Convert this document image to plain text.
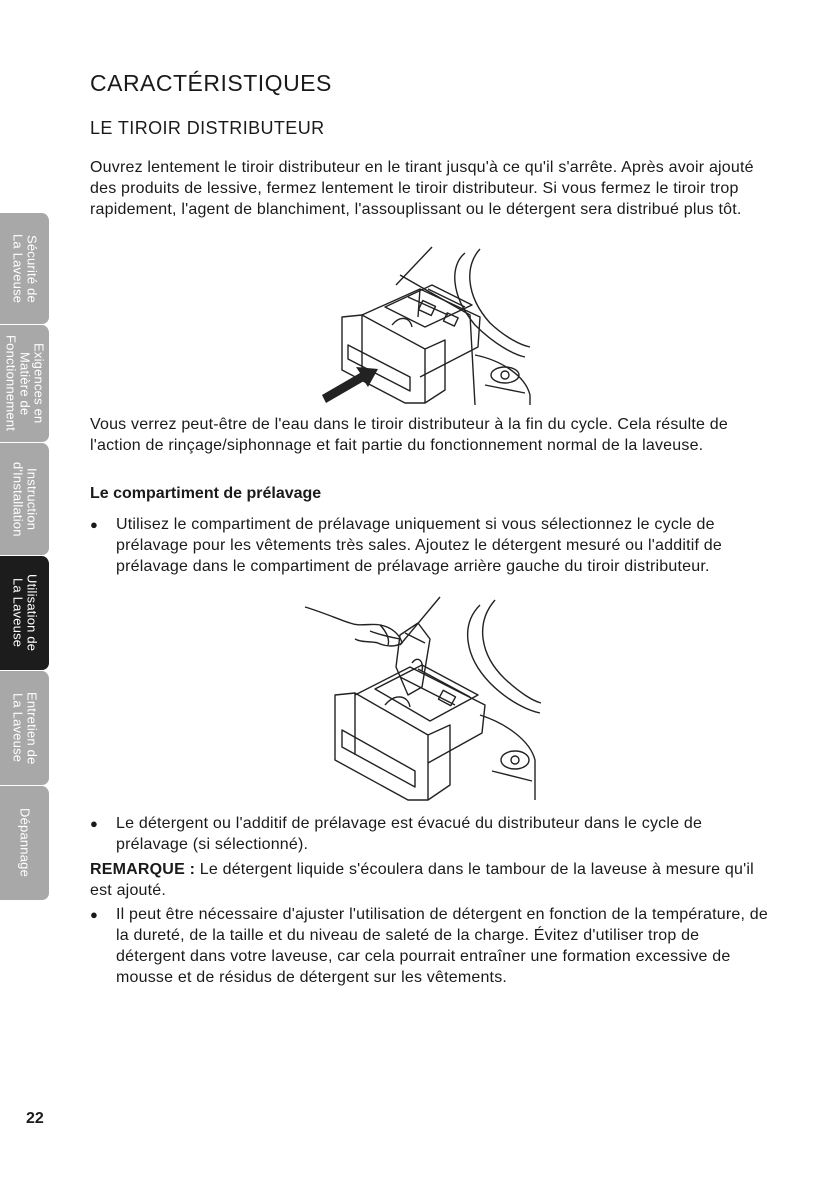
Sécurité de
La Laveuse
Exigences en
Matière de
Fonctionnement
Instruction
d'Installation
Utilisation de
La Laveuse
Entretien de
La Laveuse
Dépannage
CARACTÉRISTIQUES
LE TIROIR DISTRIBUTEUR

Ouvrez lentement le tiroir distributeur en le tirant jusqu'à ce qu'il s'arrête. Après avoir ajouté des produits de lessive, fermez lentement le tiroir distributeur. Si vous fermez le tiroir trop rapidement, l'agent de blanchiment, l'assouplissant ou le détergent sera distribué plus tôt.

Vous verrez peut-être de l'eau dans le tiroir distributeur à la fin du cycle. Cela résulte de l'action de rinçage/siphonnage et fait partie du fonctionnement normal de la laveuse.

Le compartiment de prélavage
●	Utilisez le compartiment de prélavage uniquement si vous sélectionnez le cycle de prélavage pour les vêtements très sales. Ajoutez le détergent mesuré ou l'additif de prélavage dans le compartiment de prélavage arrière gauche du tiroir distributeur.
●	Le détergent ou l'additif de prélavage est évacué du distributeur dans le cycle de prélavage (si sélectionné).
REMARQUE : Le détergent liquide s'écoulera dans le tambour de la laveuse à mesure qu'il est ajouté.
●	Il peut être nécessaire d'ajuster l'utilisation de détergent en fonction de la température, de la dureté, de la taille et du niveau de saleté de la charge. Évitez d'utiliser trop de détergent dans votre laveuse, car cela pourrait entraîner une formation excessive de mousse et de résidus de détergent sur les vêtements.
22
